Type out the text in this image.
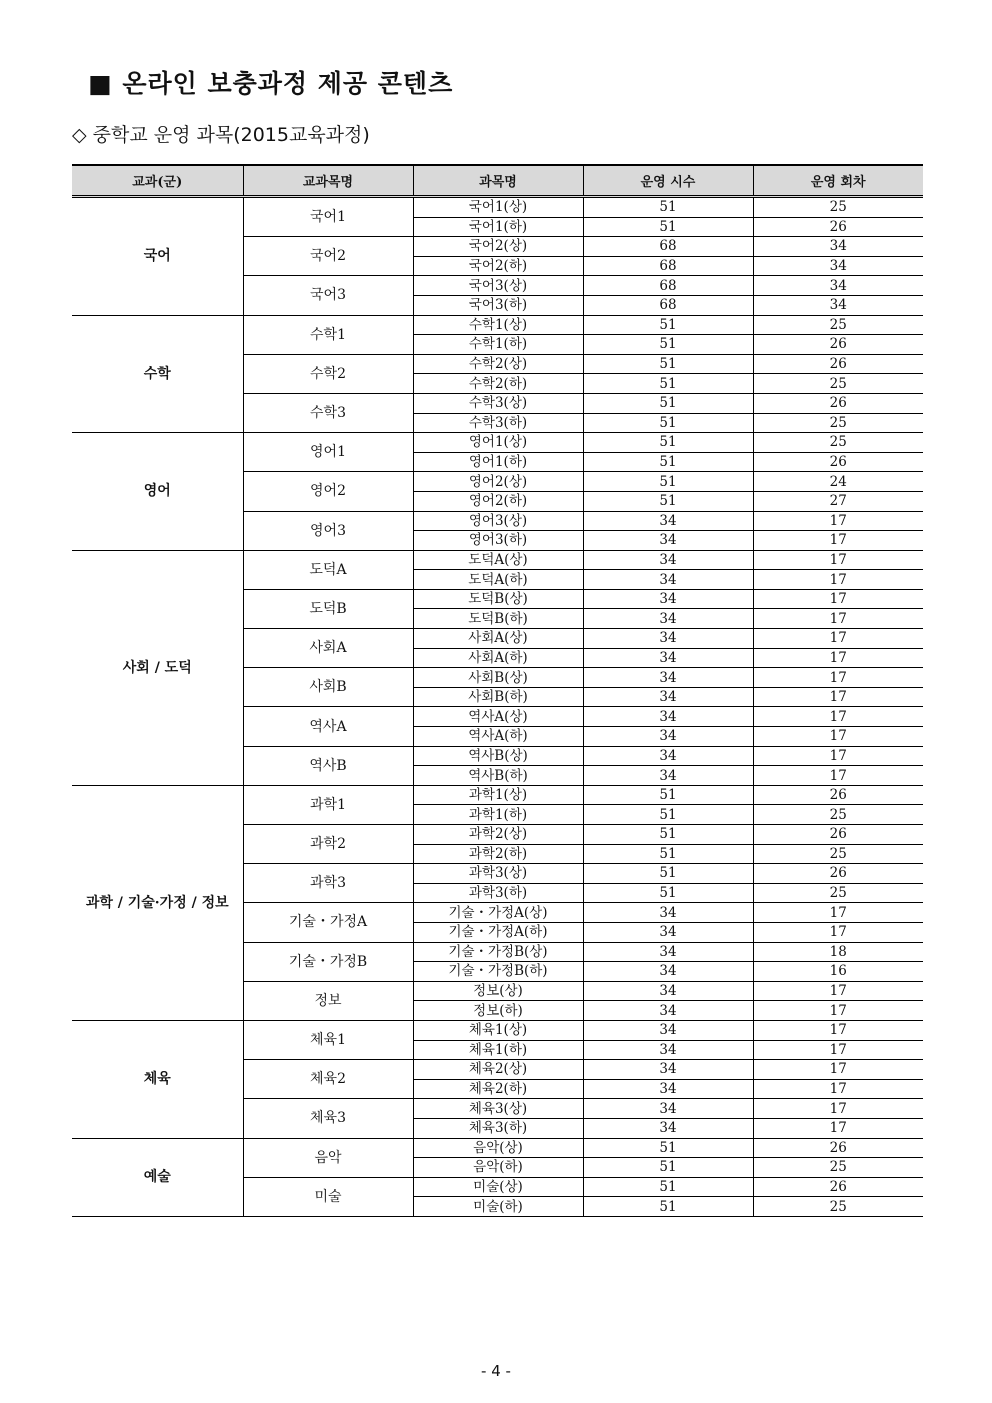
■ 온라인 보충과정 제공 콘텐츠
◇ 중학교 운영 과목(2015교육과정)
교과(군)	교과목명	과목명	운영 시수	운영 회차
국어	국어1	국어1(상)	51	25
		국어1(하)	51	26
	국어2	국어2(상)	68	34
		국어2(하)	68	34
	국어3	국어3(상)	68	34
		국어3(하)	68	34
수학	수학1	수학1(상)	51	25
		수학1(하)	51	26
	수학2	수학2(상)	51	26
		수학2(하)	51	25
	수학3	수학3(상)	51	26
		수학3(하)	51	25
영어	영어1	영어1(상)	51	25
		영어1(하)	51	26
	영어2	영어2(상)	51	24
		영어2(하)	51	27
	영어3	영어3(상)	34	17
		영어3(하)	34	17
사회 / 도덕	도덕A	도덕A(상)	34	17
		도덕A(하)	34	17
	도덕B	도덕B(상)	34	17
		도덕B(하)	34	17
	사회A	사회A(상)	34	17
		사회A(하)	34	17
	사회B	사회B(상)	34	17
		사회B(하)	34	17
	역사A	역사A(상)	34	17
		역사A(하)	34	17
	역사B	역사B(상)	34	17
		역사B(하)	34	17
과학 / 기술·가정 / 정보	과학1	과학1(상)	51	26
		과학1(하)	51	25
	과학2	과학2(상)	51	26
		과학2(하)	51	25
	과학3	과학3(상)	51	26
		과학3(하)	51	25
	기술・가정A	기술・가정A(상)	34	17
		기술・가정A(하)	34	17
	기술・가정B	기술・가정B(상)	34	18
		기술・가정B(하)	34	16
	정보	정보(상)	34	17
		정보(하)	34	17
체육	체육1	체육1(상)	34	17
		체육1(하)	34	17
	체육2	체육2(상)	34	17
		체육2(하)	34	17
	체육3	체육3(상)	34	17
		체육3(하)	34	17
예술	음악	음악(상)	51	26
		음악(하)	51	25
	미술	미술(상)	51	26
		미술(하)	51	25
- 4 -
